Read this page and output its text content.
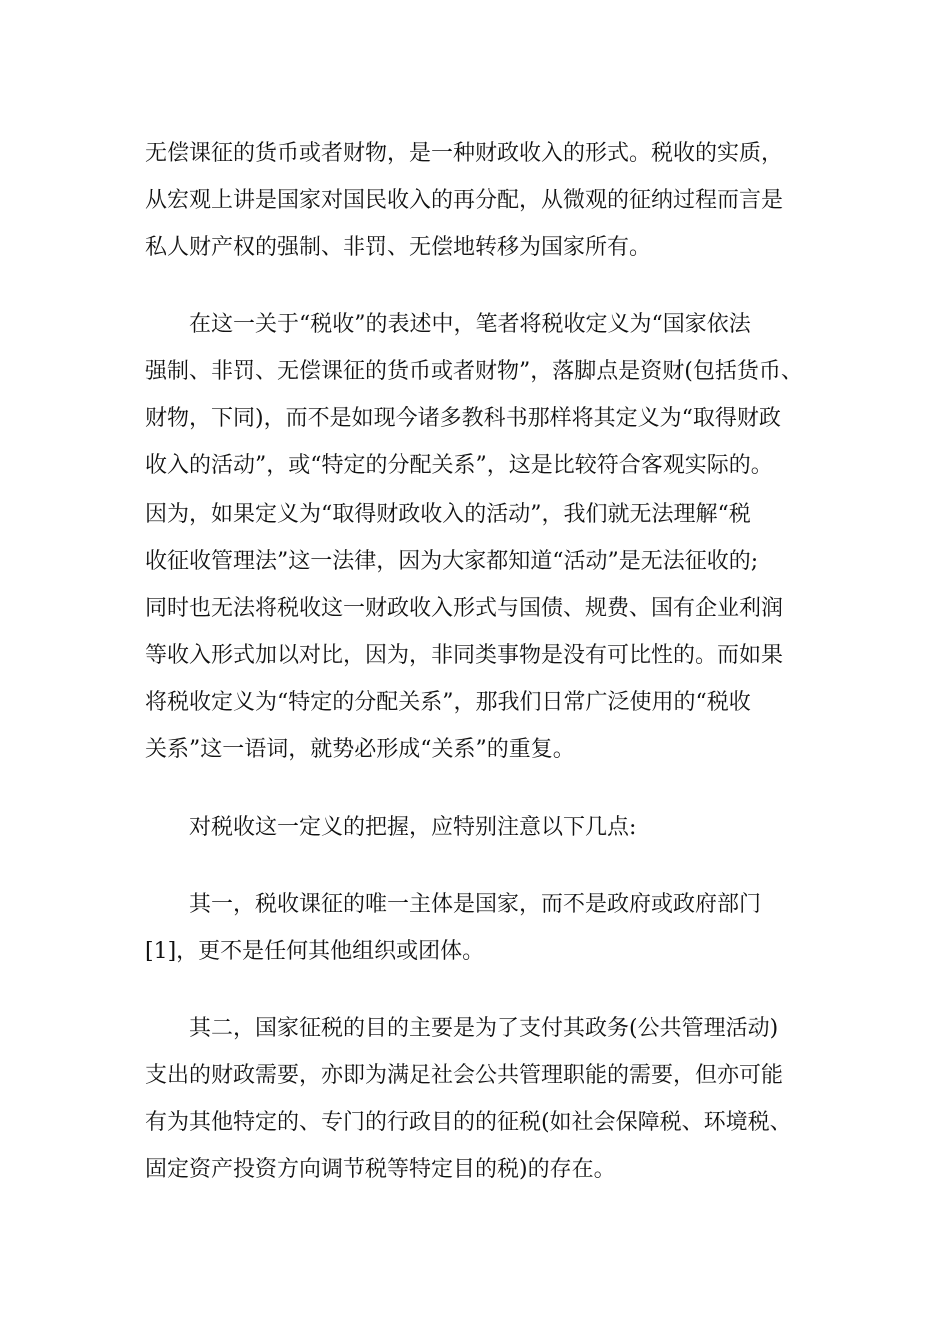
无偿课征的货币或者财物，是一种财政收入的形式。税收的实质，
从宏观上讲是国家对国民收入的再分配，从微观的征纳过程而言是
私人财产权的强制、非罚、无偿地转移为国家所有。
在这一关于“税收”的表述中，笔者将税收定义为“国家依法
强制、非罚、无偿课征的货币或者财物”，落脚点是资财(包括货币、
财物，下同)，而不是如现今诸多教科书那样将其定义为“取得财政
收入的活动”，或“特定的分配关系”，这是比较符合客观实际的。
因为，如果定义为“取得财政收入的活动”，我们就无法理解“税
收征收管理法”这一法律，因为大家都知道“活动”是无法征收的;
同时也无法将税收这一财政收入形式与国债、规费、国有企业利润
等收入形式加以对比，因为，非同类事物是没有可比性的。而如果
将税收定义为“特定的分配关系”，那我们日常广泛使用的“税收
关系”这一语词，就势必形成“关系”的重复。
对税收这一定义的把握，应特别注意以下几点:
其一，税收课征的唯一主体是国家，而不是政府或政府部门
[1]，更不是任何其他组织或团体。
其二，国家征税的目的主要是为了支付其政务(公共管理活动)
支出的财政需要，亦即为满足社会公共管理职能的需要，但亦可能
有为其他特定的、专门的行政目的的征税(如社会保障税、环境税、
固定资产投资方向调节税等特定目的税)的存在。
